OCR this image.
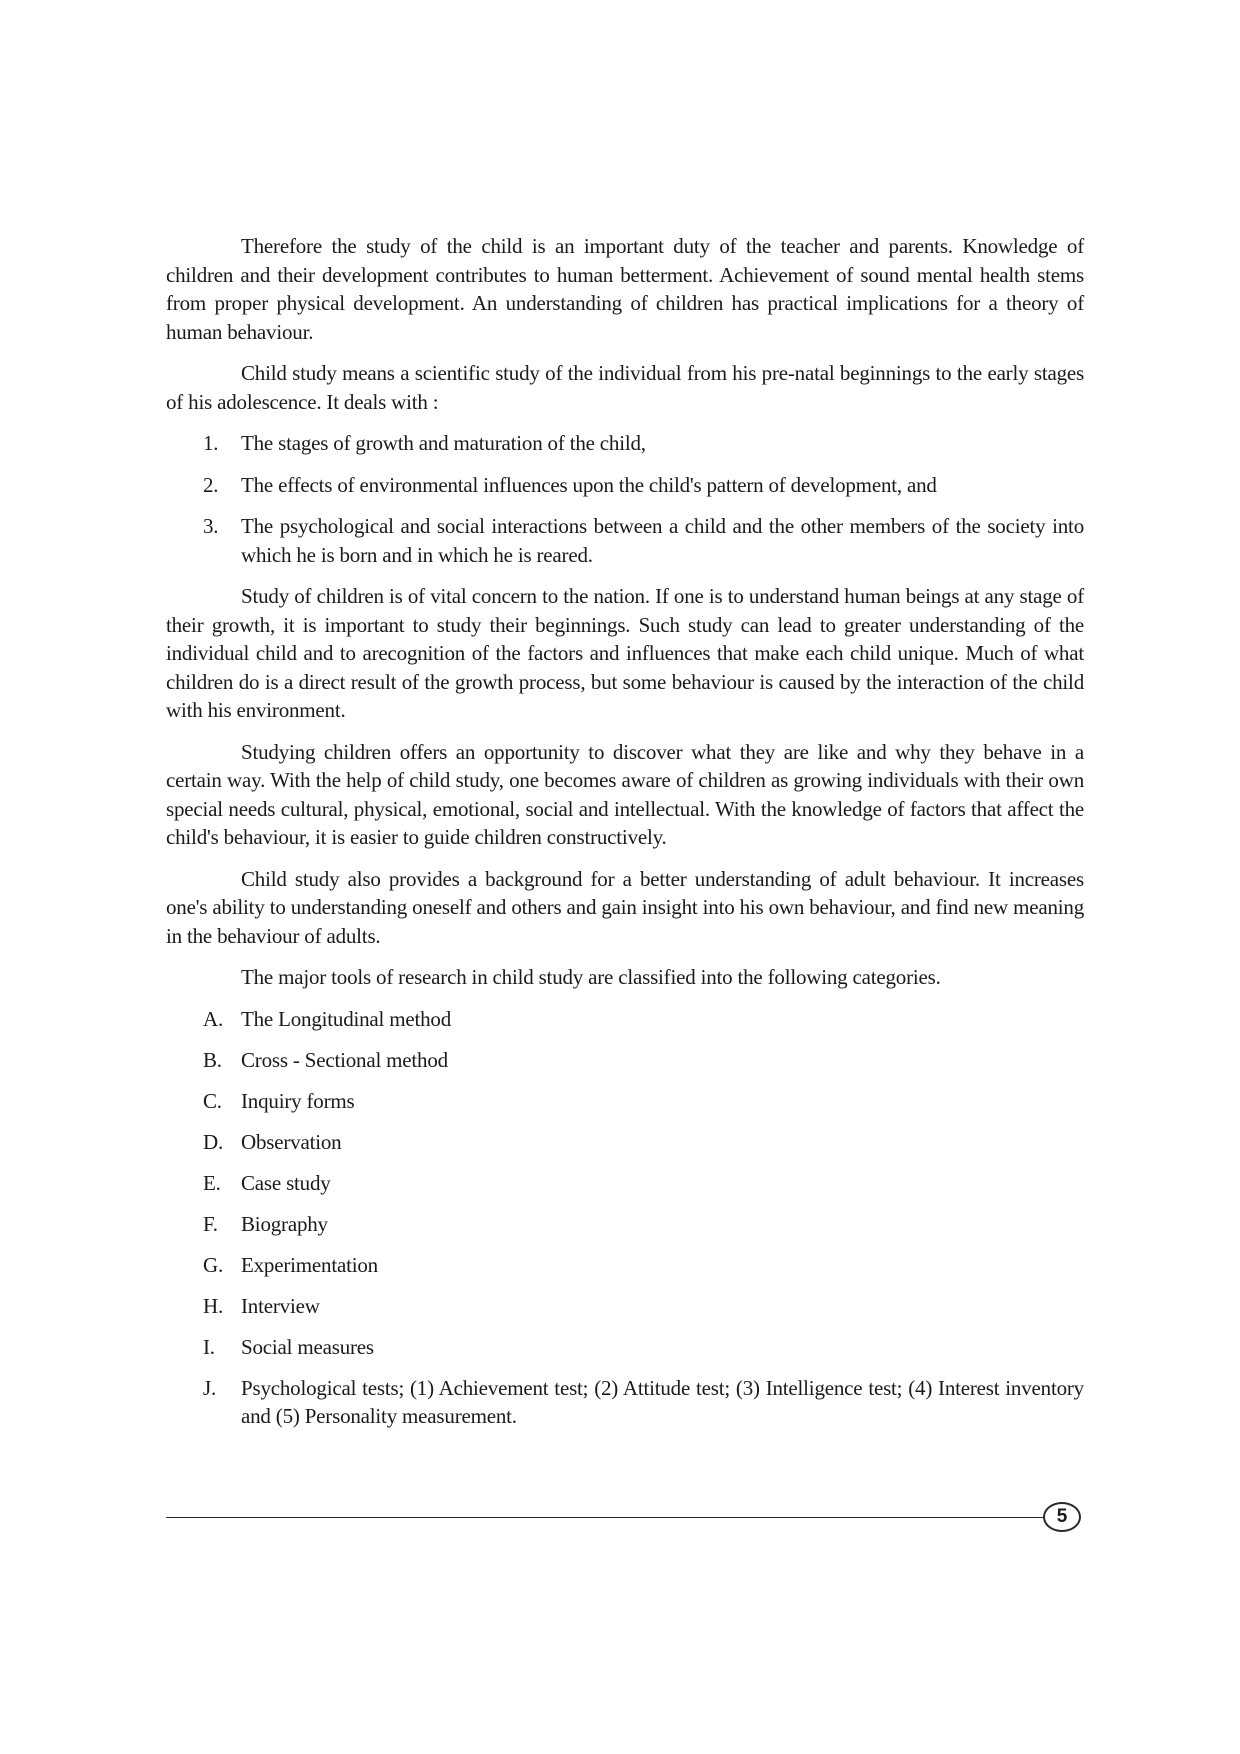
Therefore the study of the child is an important duty of the teacher and parents. Knowledge of children and their development contributes to human betterment. Achievement of sound mental health stems from proper physical development. An understanding of children has practical implications for a theory of human behaviour.

Child study means a scientific study of the individual from his pre-natal beginnings to the early stages of his adolescence. It deals with :

1.	The stages of growth and maturation of the child,
2.	The effects of environmental influences upon the child's pattern of development, and
3.	The psychological and social interactions between a child and the other members of the society into which he is born and in which he is reared.

Study of children is of vital concern to the nation. If one is to understand human beings at any stage of their growth, it is important to study their beginnings. Such study can lead to greater understanding of the individual child and to arecognition of the factors and influences that make each child unique. Much of what children do is a direct result of the growth process, but some behaviour is caused by the interaction of the child with his environment.

Studying children offers an opportunity to discover what they are like and why they behave in a certain way. With the help of child study, one becomes aware of children as growing individuals with their own special needs cultural, physical, emotional, social and intellectual. With the knowledge of factors that affect the child's behaviour, it is easier to guide children constructively.

Child study also provides a background for a better understanding of adult behaviour. It increases one's ability to understanding oneself and others and gain insight into his own behaviour, and find new meaning in the behaviour of adults.

The major tools of research in child study are classified into the following categories.

A. The Longitudinal method
B. Cross - Sectional method
C. Inquiry forms
D. Observation
E. Case study
F.	Biography
G. Experimentation
H. Interview
I.	Social measures
J.	Psychological tests; (1) Achievement test; (2) Attitude test; (3) Intelligence test; (4) Interest inventory and (5) Personality measurement.
5
